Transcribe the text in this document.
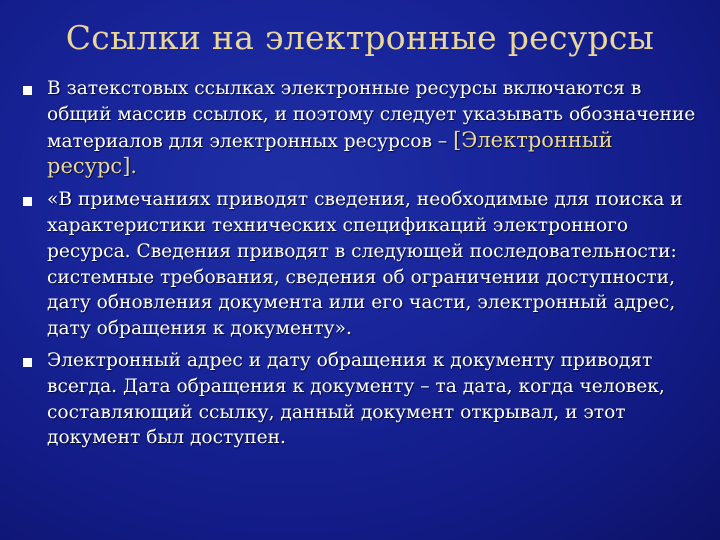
Ссылки на электронные ресурсы
В затекстовых ссылках электронные ресурсы включаются в общий массив ссылок, и поэтому следует указывать обозначение материалов для электронных ресурсов – [Электронный ресурс].
«В примечаниях приводят сведения, необходимые для поиска и характеристики технических спецификаций электронного ресурса. Сведения приводят в следующей последовательности: системные требования, сведения об ограничении доступности, дату обновления документа или его части, электронный адрес, дату обращения к документу».
Электронный адрес и дату обращения к документу приводят всегда. Дата обращения к документу – та дата, когда человек, составляющий ссылку, данный документ открывал, и этот документ был доступен.
